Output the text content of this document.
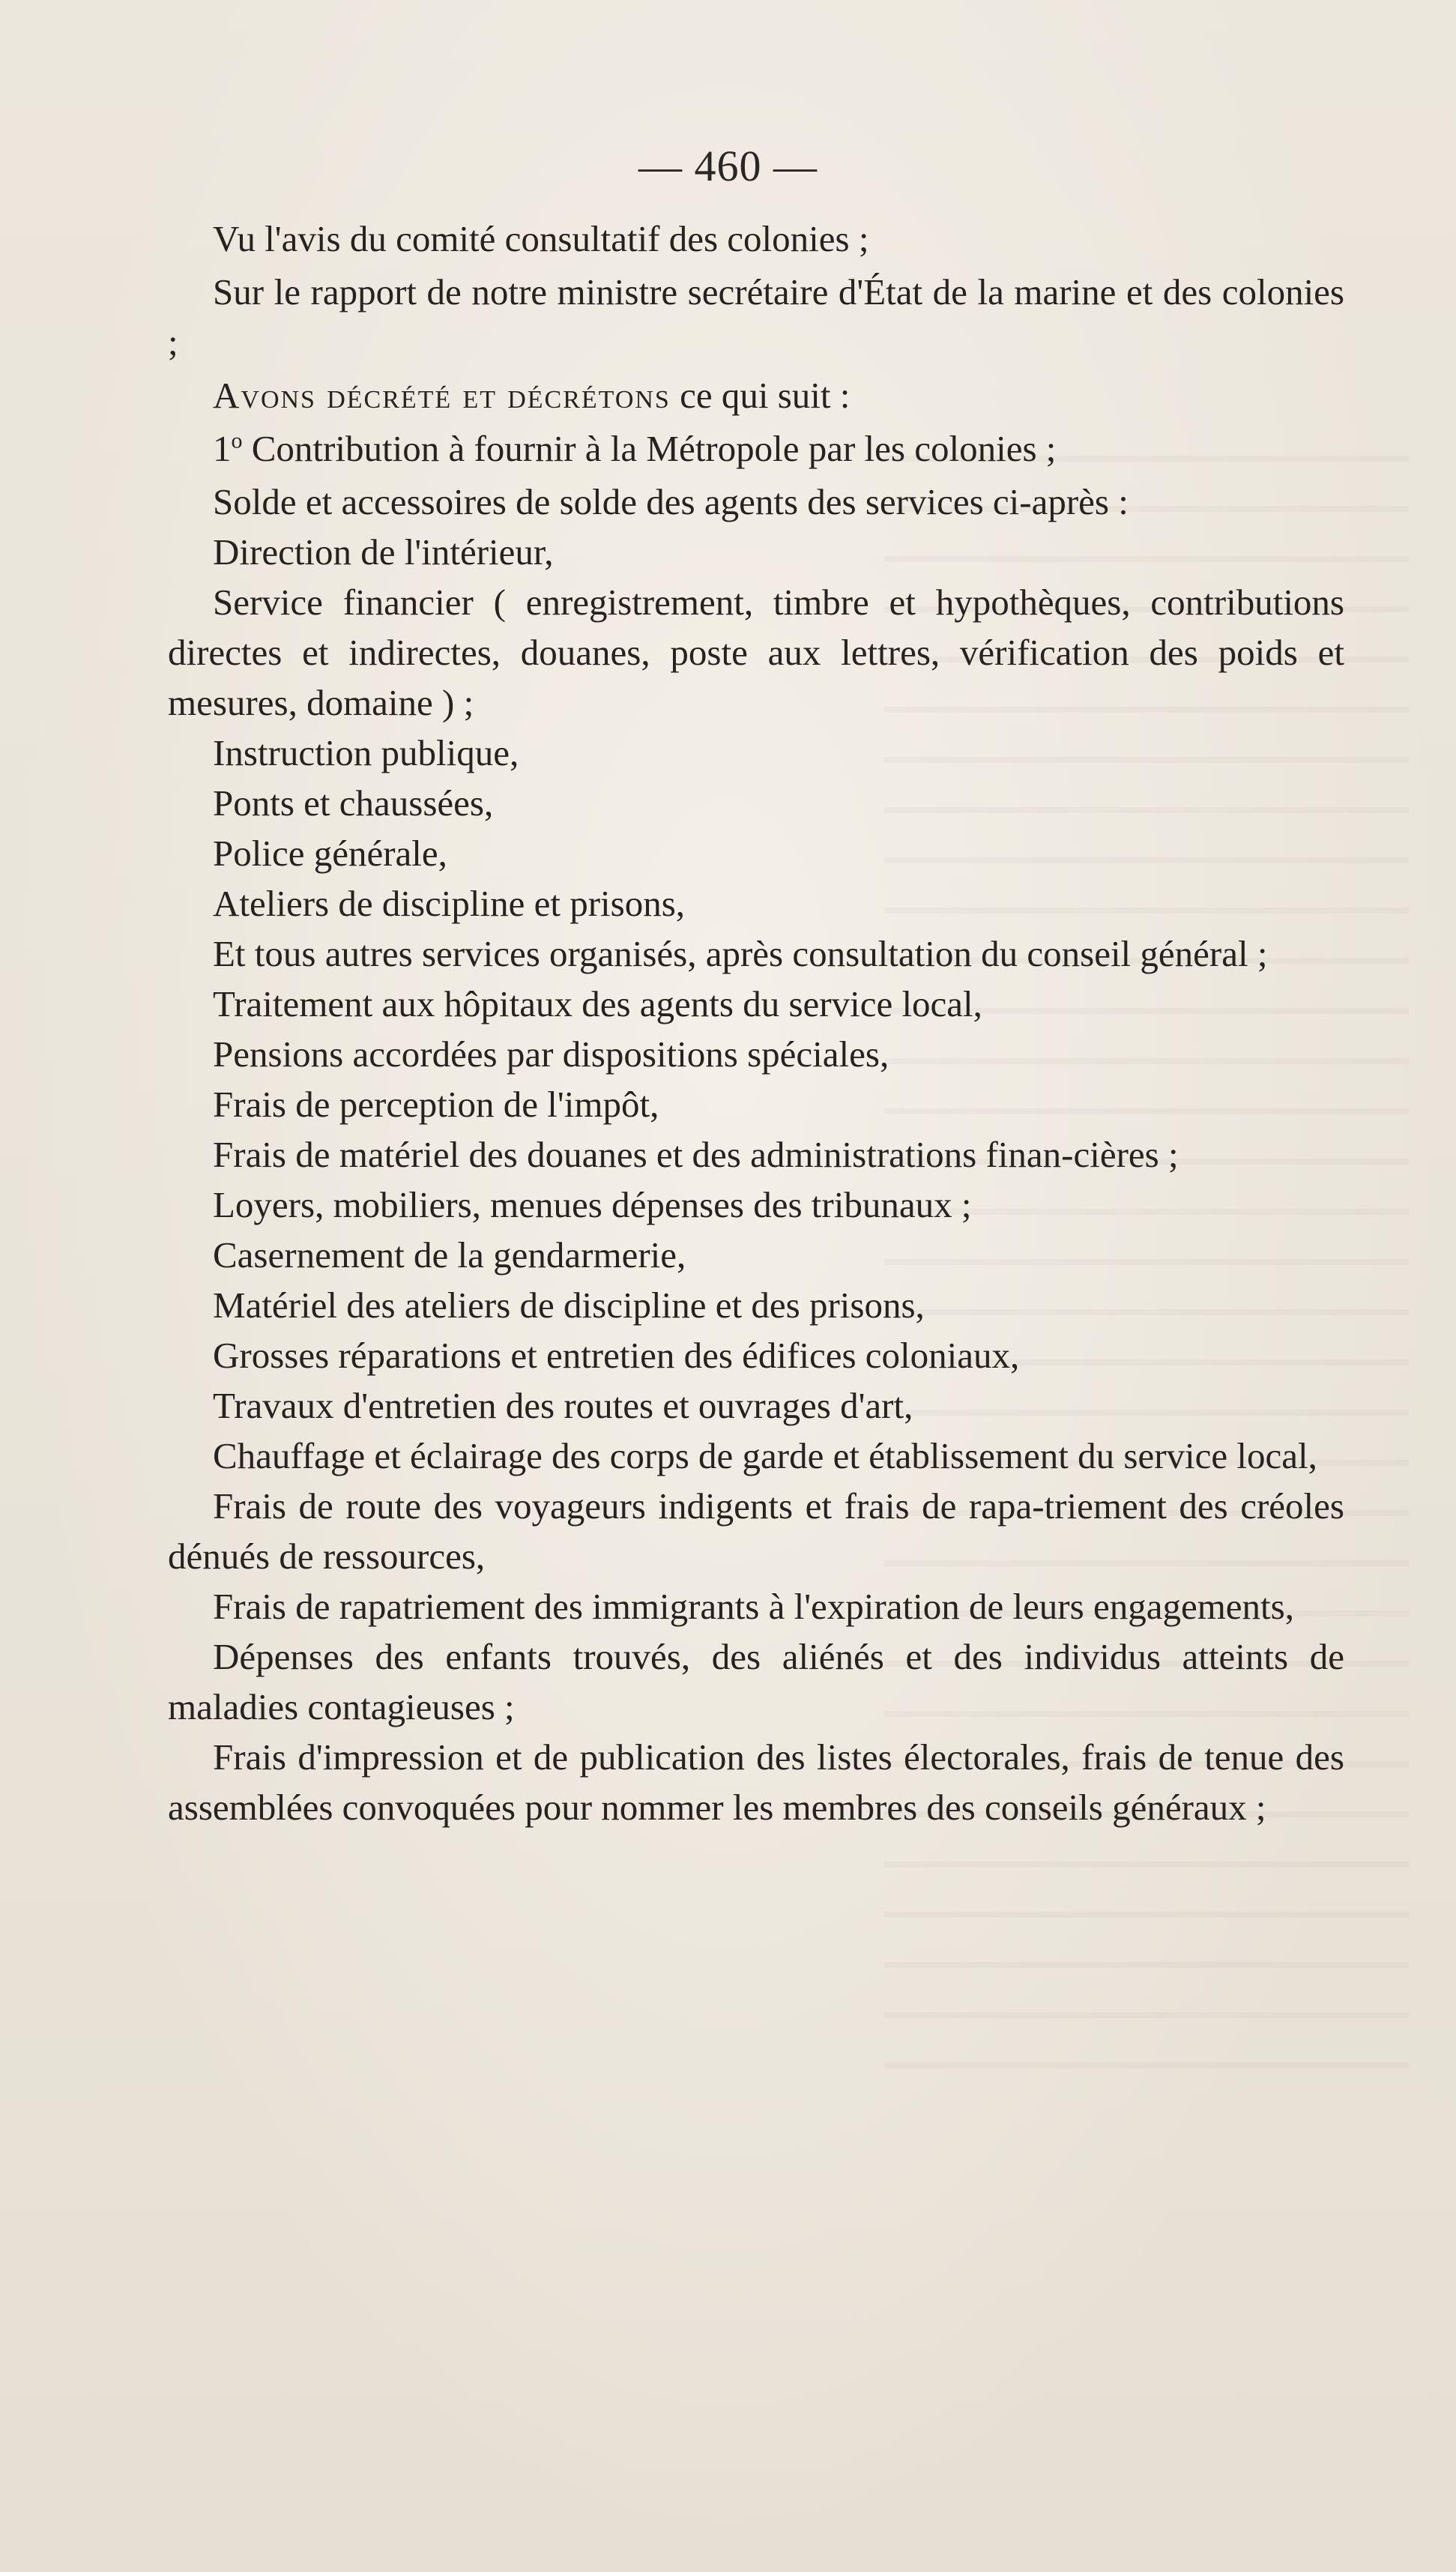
— 460 —

Vu l'avis du comité consultatif des colonies ;

Sur le rapport de notre ministre secrétaire d'État de la marine et des colonies ;

Avons décrété et décrétons ce qui suit :

1$^o$ Contribution à fournir à la Métropole par les colonies ;

Solde et accessoires de solde des agents des services ci-après :

Direction de l'intérieur,

Service financier ( enregistrement, timbre et hypothèques, contributions directes et indirectes, douanes, poste aux lettres, vérification des poids et mesures, domaine ) ;

Instruction publique,

Ponts et chaussées,

Police générale,

Ateliers de discipline et prisons,

Et tous autres services organisés, après consultation du conseil général ;

Traitement aux hôpitaux des agents du service local,

Pensions accordées par dispositions spéciales,

Frais de perception de l'impôt,

Frais de matériel des douanes et des administrations finan-cières ;

Loyers, mobiliers, menues dépenses des tribunaux ;

Casernement de la gendarmerie,

Matériel des ateliers de discipline et des prisons,

Grosses réparations et entretien des édifices coloniaux,

Travaux d'entretien des routes et ouvrages d'art,

Chauffage et éclairage des corps de garde et établissement du service local,

Frais de route des voyageurs indigents et frais de rapa-triement des créoles dénués de ressources,

Frais de rapatriement des immigrants à l'expiration de leurs engagements,

Dépenses des enfants trouvés, des aliénés et des individus atteints de maladies contagieuses ;

Frais d'impression et de publication des listes électorales, frais de tenue des assemblées convoquées pour nommer les membres des conseils généraux ;
